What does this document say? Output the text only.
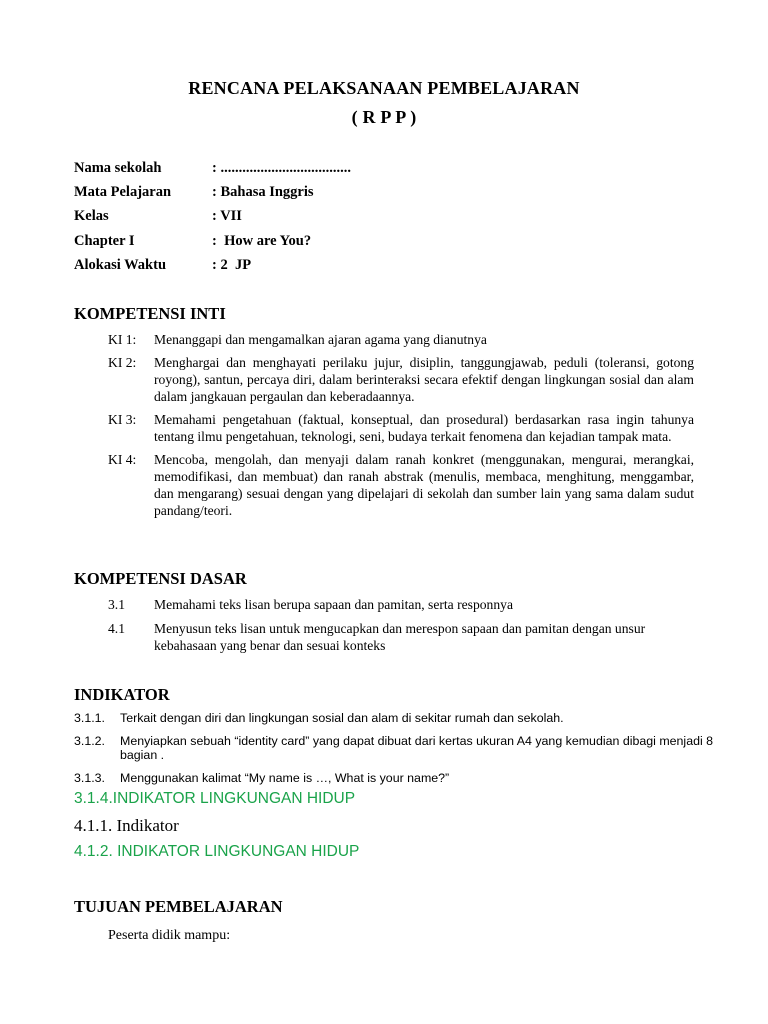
RENCANA PELAKSANAAN PEMBELAJARAN
( R P P )
Nama sekolah	: ....................................
Mata Pelajaran	: Bahasa Inggris
Kelas	: VII
Chapter I	:  How are You?
Alokasi Waktu	: 2  JP
KOMPETENSI INTI
KI 1:	Menanggapi dan mengamalkan ajaran agama yang dianutnya
KI 2:	Menghargai dan menghayati perilaku jujur, disiplin, tanggungjawab, peduli (toleransi, gotong royong), santun, percaya diri, dalam berinteraksi secara efektif dengan lingkungan sosial dan alam dalam jangkauan pergaulan dan keberadaannya.
KI 3:	Memahami pengetahuan (faktual, konseptual, dan prosedural) berdasarkan rasa ingin tahunya tentang ilmu pengetahuan, teknologi, seni, budaya terkait fenomena dan kejadian tampak mata.
KI 4:	Mencoba, mengolah, dan menyaji dalam ranah konkret (menggunakan, mengurai, merangkai, memodifikasi, dan membuat) dan ranah abstrak (menulis, membaca, menghitung, menggambar, dan mengarang) sesuai dengan yang dipelajari di sekolah dan sumber lain yang sama dalam sudut pandang/teori.
KOMPETENSI DASAR
3.1	Memahami teks lisan berupa sapaan dan pamitan, serta responnya
4.1	Menyusun teks lisan untuk mengucapkan dan merespon sapaan dan pamitan dengan unsur kebahasaan yang benar dan sesuai konteks
INDIKATOR
3.1.1.	Terkait dengan diri dan lingkungan sosial dan alam di sekitar rumah dan sekolah.
3.1.2.	Menyiapkan sebuah “identity card” yang dapat dibuat dari kertas ukuran A4 yang kemudian dibagi menjadi 8 bagian .
3.1.3.	Menggunakan kalimat “My name is …, What is your name?”
3.1.4.INDIKATOR LINGKUNGAN HIDUP
4.1.1. Indikator
4.1.2. INDIKATOR LINGKUNGAN HIDUP
TUJUAN PEMBELAJARAN
Peserta didik mampu:
